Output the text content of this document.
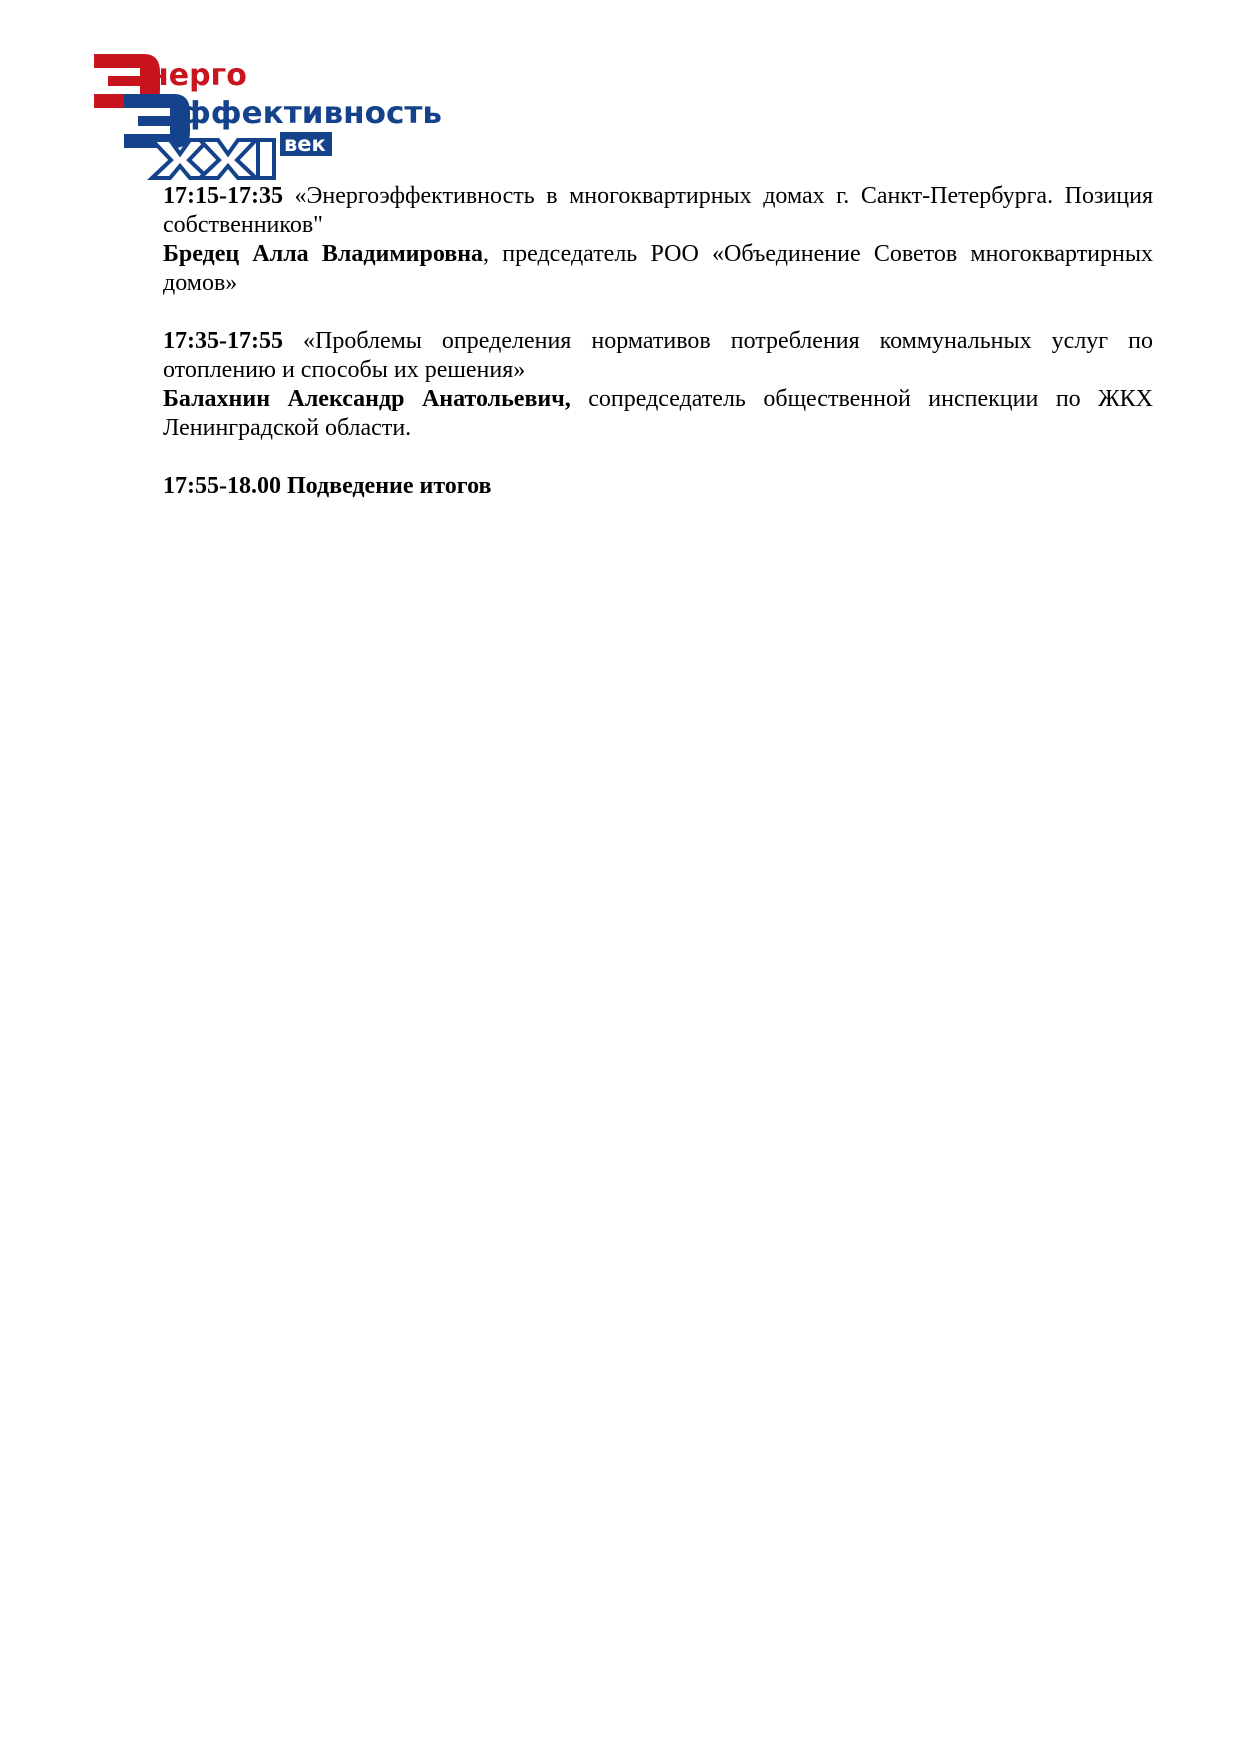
нерго
ффективность
век

17:15-17:35 «Энергоэффективность в многоквартирных домах г. Санкт-Петербурга. Позиция собственников"

Бредец Алла Владимировна, председатель РОО «Объединение Советов многоквартирных домов»

17:35-17:55 «Проблемы определения нормативов потребления коммунальных услуг по отоплению и способы их решения»

Балахнин Александр Анатольевич, сопредседатель общественной инспекции по ЖКХ Ленинградской области.

17:55-18.00 Подведение итогов
